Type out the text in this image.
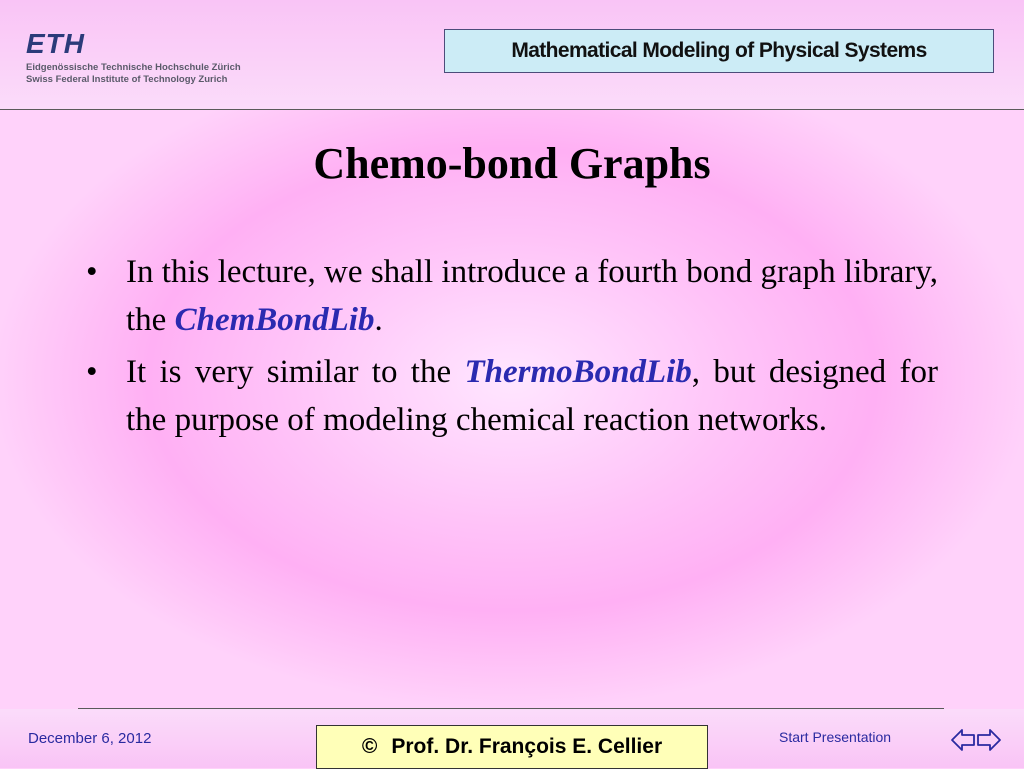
ETH
Eidgenössische Technische Hochschule Zürich
Swiss Federal Institute of Technology Zurich
Mathematical Modeling of Physical Systems
Chemo-bond Graphs
• In this lecture, we shall introduce a fourth bond graph library, the ChemBondLib.
• It is very similar to the ThermoBondLib, but designed for the purpose of modeling chemical reaction networks.
December 6, 2012	© Prof. Dr. François E. Cellier	Start Presentation
